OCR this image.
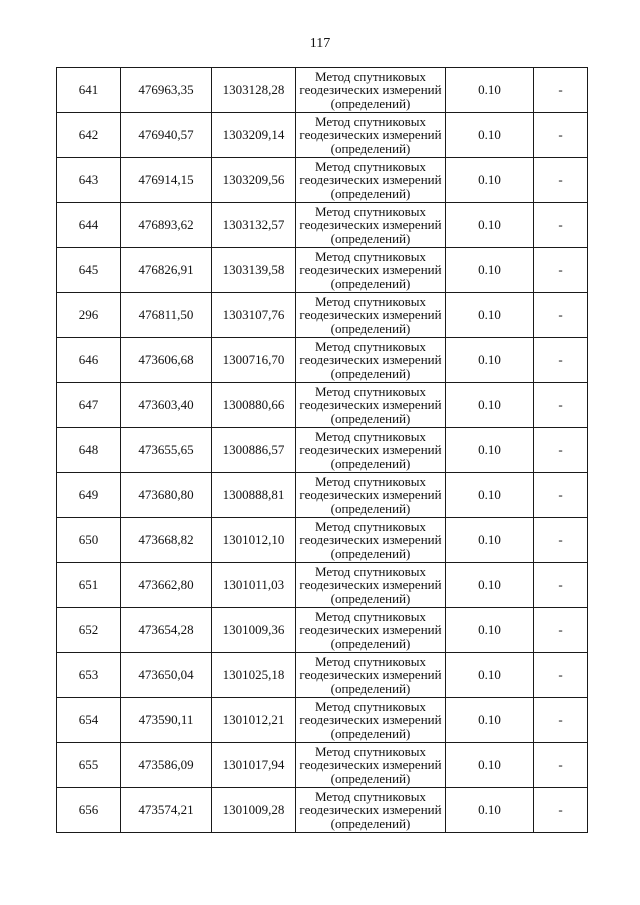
117
641	476963,35	1303128,28	Метод спутниковых
геодезических измерений
(определений)	0.10	-
642	476940,57	1303209,14	Метод спутниковых
геодезических измерений
(определений)	0.10	-
643	476914,15	1303209,56	Метод спутниковых
геодезических измерений
(определений)	0.10	-
644	476893,62	1303132,57	Метод спутниковых
геодезических измерений
(определений)	0.10	-
645	476826,91	1303139,58	Метод спутниковых
геодезических измерений
(определений)	0.10	-
296	476811,50	1303107,76	Метод спутниковых
геодезических измерений
(определений)	0.10	-
646	473606,68	1300716,70	Метод спутниковых
геодезических измерений
(определений)	0.10	-
647	473603,40	1300880,66	Метод спутниковых
геодезических измерений
(определений)	0.10	-
648	473655,65	1300886,57	Метод спутниковых
геодезических измерений
(определений)	0.10	-
649	473680,80	1300888,81	Метод спутниковых
геодезических измерений
(определений)	0.10	-
650	473668,82	1301012,10	Метод спутниковых
геодезических измерений
(определений)	0.10	-
651	473662,80	1301011,03	Метод спутниковых
геодезических измерений
(определений)	0.10	-
652	473654,28	1301009,36	Метод спутниковых
геодезических измерений
(определений)	0.10	-
653	473650,04	1301025,18	Метод спутниковых
геодезических измерений
(определений)	0.10	-
654	473590,11	1301012,21	Метод спутниковых
геодезических измерений
(определений)	0.10	-
655	473586,09	1301017,94	Метод спутниковых
геодезических измерений
(определений)	0.10	-
656	473574,21	1301009,28	Метод спутниковых
геодезических измерений
(определений)	0.10	-
